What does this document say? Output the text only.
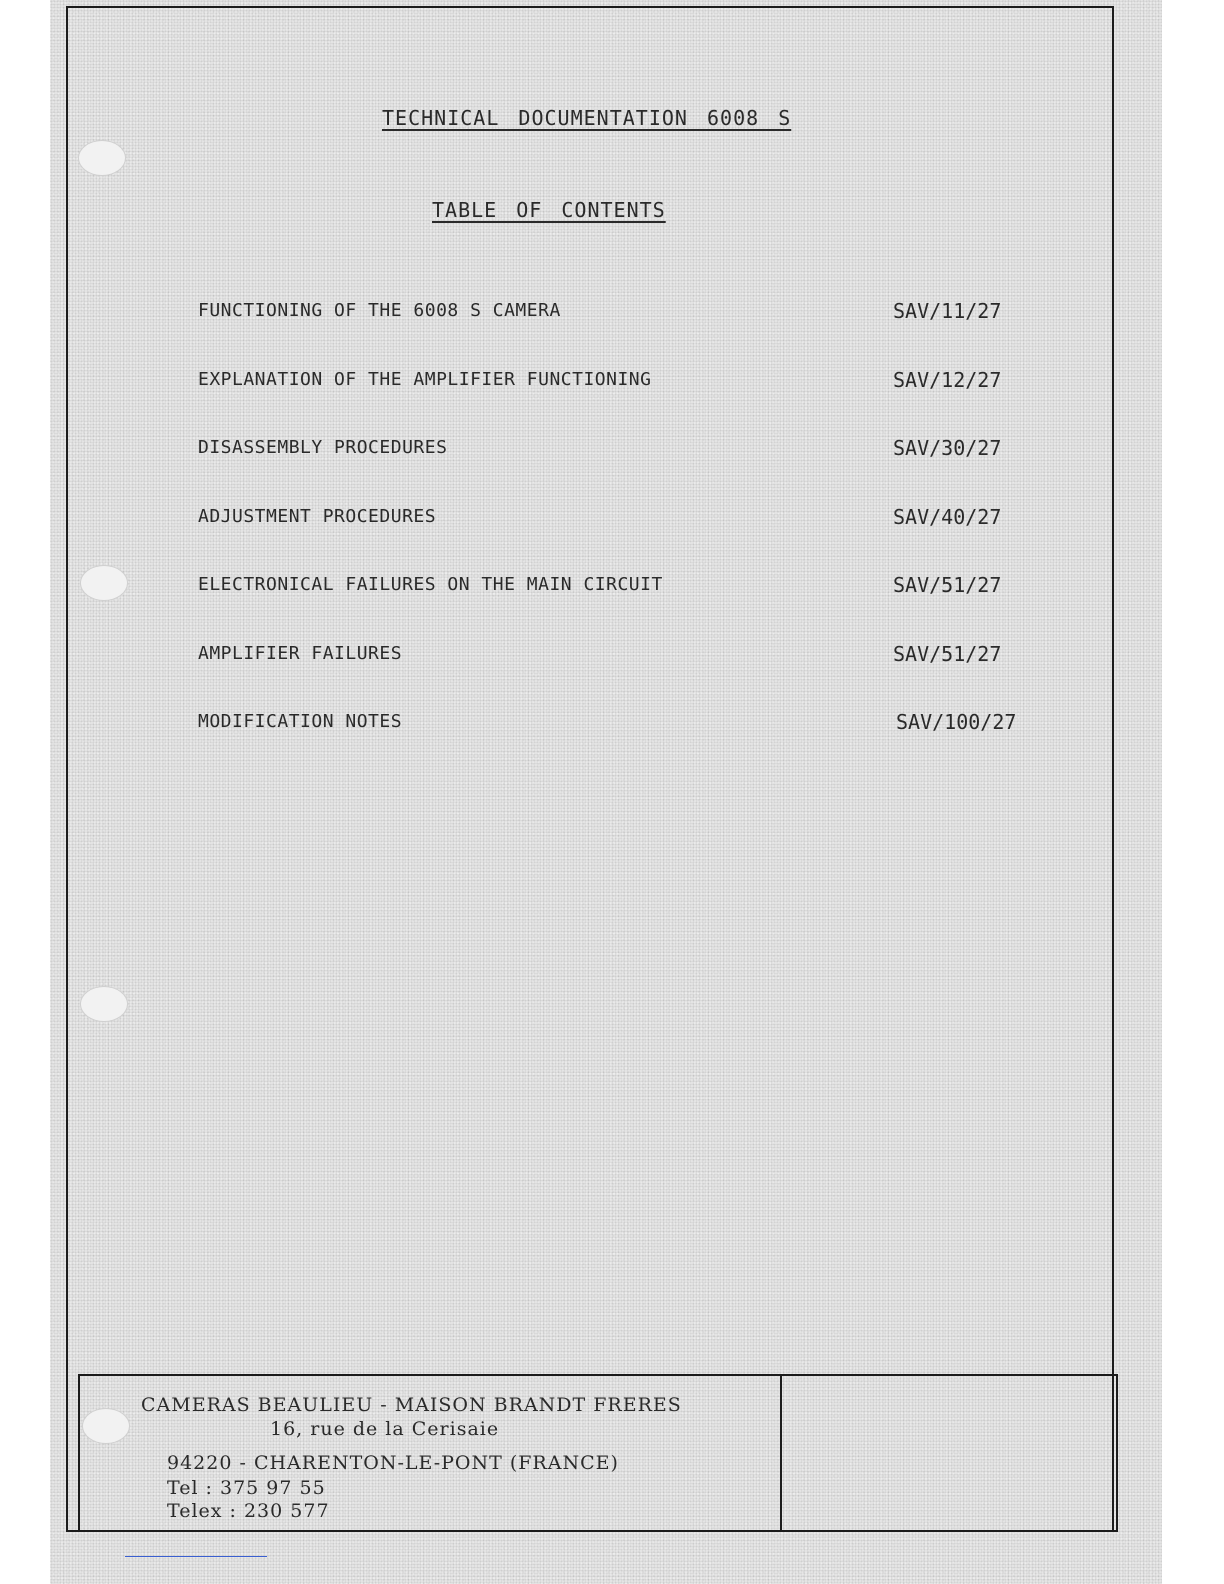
TECHNICAL DOCUMENTATION 6008 S
TABLE OF CONTENTS
FUNCTIONING OF THE 6008 S CAMERA	SAV/11/27
EXPLANATION OF THE AMPLIFIER FUNCTIONING	SAV/12/27
DISASSEMBLY PROCEDURES	SAV/30/27
ADJUSTMENT PROCEDURES	SAV/40/27
ELECTRONICAL FAILURES ON THE MAIN CIRCUIT	SAV/51/27
AMPLIFIER FAILURES	SAV/51/27
MODIFICATION NOTES	SAV/100/27
CAMERAS BEAULIEU - MAISON BRANDT FRERES
16, rue de la Cerisaie
94220 - CHARENTON-LE-PONT (FRANCE)
Tel : 375 97 55
Telex : 230 577
